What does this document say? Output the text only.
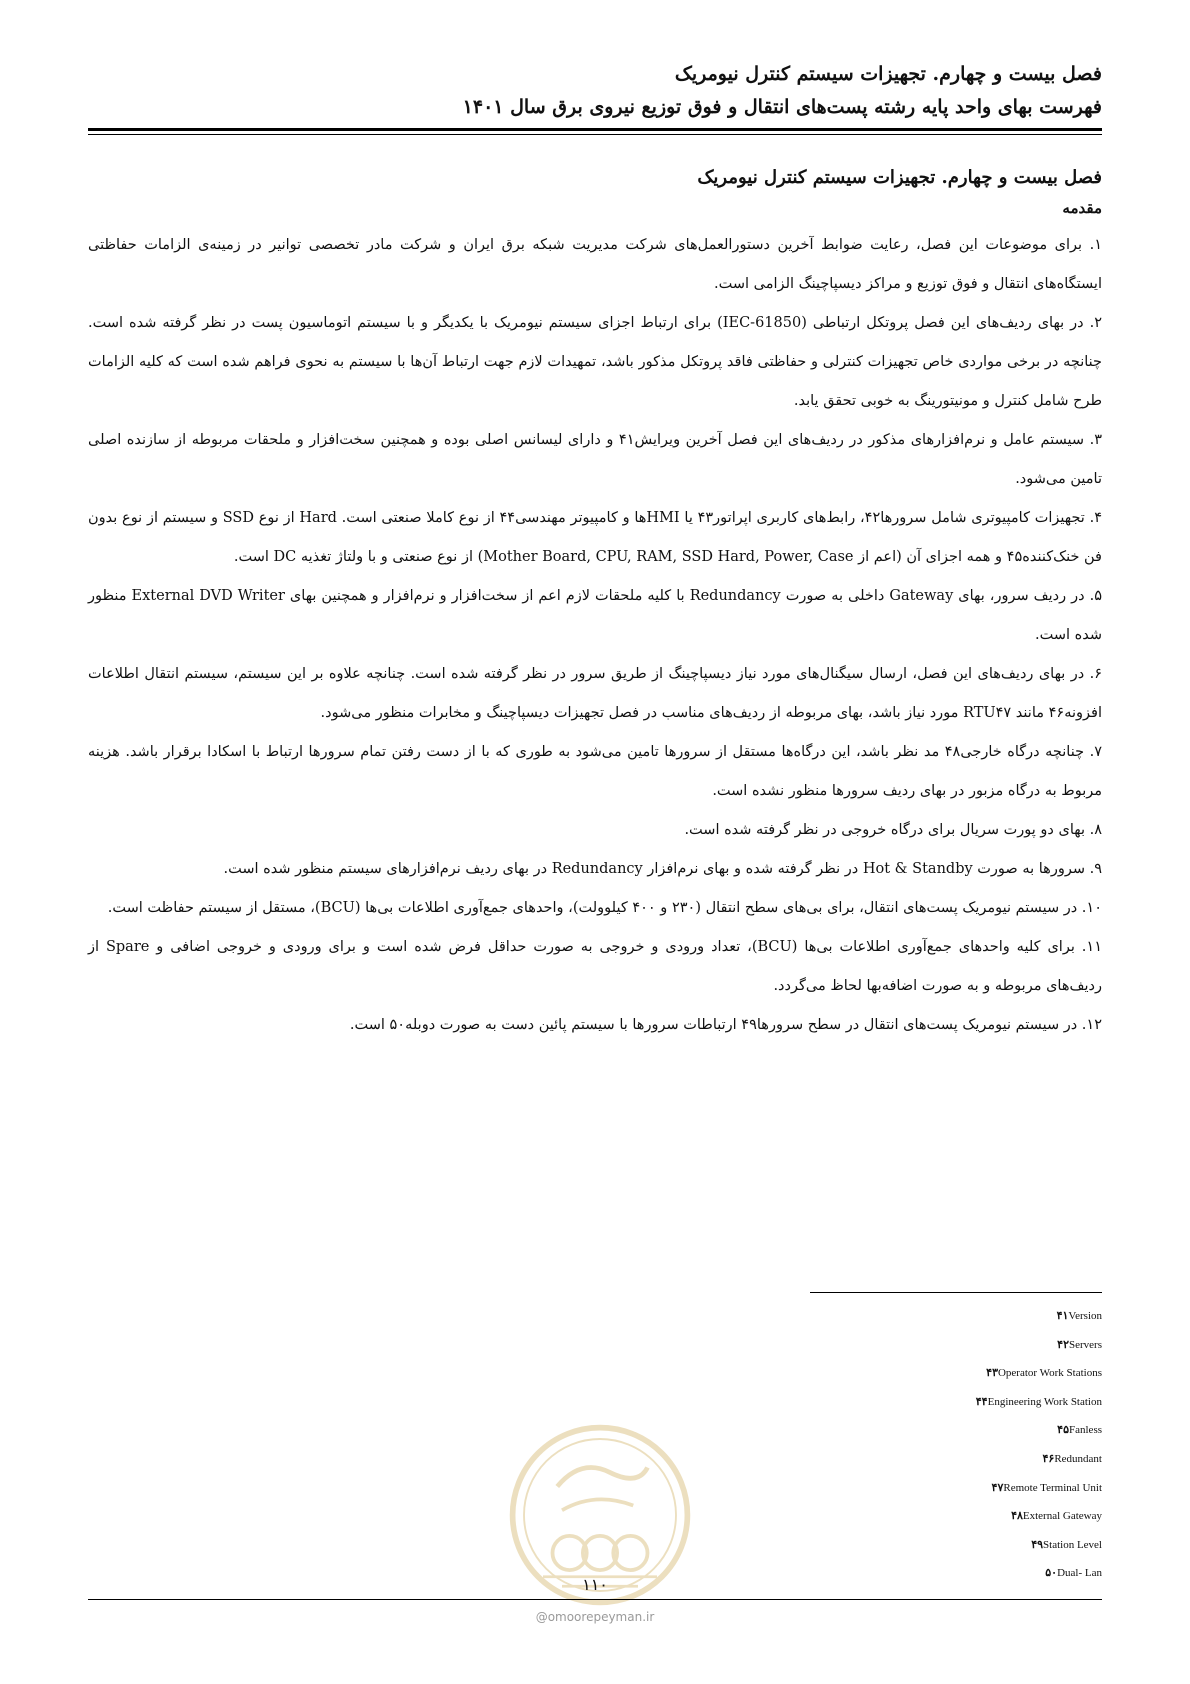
فصل بیست و چهارم. تجهیزات سیستم کنترل نیومریک
فهرست بهای واحد پایه رشته پست‌های انتقال و فوق توزیع نیروی برق سال ۱۴۰۱
فصل بیست و چهارم. تجهیزات سیستم کنترل نیومریک
مقدمه

۱. برای موضوعات این فصل، رعایت ضوابط آخرین دستورالعمل‌های شرکت مدیریت شبکه برق ایران و شرکت مادر تخصصی توانیر در زمینه‌ی الزامات حفاظتی ایستگاه‌های انتقال و فوق توزیع و مراکز دیسپاچینگ الزامی است.

۲. در بهای ردیف‌های این فصل پروتکل ارتباطی (IEC-61850) برای ارتباط اجزای سیستم نیومریک با یکدیگر و با سیستم اتوماسیون پست در نظر گرفته شده است. چنانچه در برخی مواردی خاص تجهیزات کنترلی و حفاظتی فاقد پروتکل مذکور باشد، تمهیدات لازم جهت ارتباط آن‌ها با سیستم به نحوی فراهم شده است که کلیه الزامات طرح شامل کنترل و مونیتورینگ به خوبی تحقق یابد.

۳. سیستم عامل و نرم‌افزارهای مذکور در ردیف‌های این فصل آخرین ویرایش۴۱ و دارای لیسانس اصلی بوده و همچنین سخت‌افزار و ملحقات مربوطه از سازنده اصلی تامین می‌شود.

۴. تجهیزات کامپیوتری شامل سرورها۴۲، رابط‌های کاربری اپراتور۴۳ یا HMIها و کامپیوتر مهندسی۴۴ از نوع کاملا صنعتی است. Hard از نوع SSD و سیستم از نوع بدون فن خنک‌کننده۴۵ و همه اجزای آن (اعم از Mother Board, CPU, RAM, SSD Hard, Power, Case) از نوع صنعتی و با ولتاژ تغذیه DC است.

۵. در ردیف سرور، بهای Gateway داخلی به صورت Redundancy با کلیه ملحقات لازم اعم از سخت‌افزار و نرم‌افزار و همچنین بهای External DVD Writer منظور شده است.

۶. در بهای ردیف‌های این فصل، ارسال سیگنال‌های مورد نیاز دیسپاچینگ از طریق سرور در نظر گرفته شده است. چنانچه علاوه بر این سیستم، سیستم انتقال اطلاعات افزونه۴۶ مانند RTU۴۷ مورد نیاز باشد، بهای مربوطه از ردیف‌های مناسب در فصل تجهیزات دیسپاچینگ و مخابرات منظور می‌شود.

۷. چنانچه درگاه خارجی۴۸ مد نظر باشد، این درگاه‌ها مستقل از سرورها تامین می‌شود به طوری که با از دست رفتن تمام سرورها ارتباط با اسکادا برقرار باشد. هزینه مربوط به درگاه مزبور در بهای ردیف سرورها منظور نشده است.

۸. بهای دو پورت سریال برای درگاه خروجی در نظر گرفته شده است.

۹. سرورها به صورت Hot & Standby در نظر گرفته شده و بهای نرم‌افزار Redundancy در بهای ردیف نرم‌افزارهای سیستم منظور شده است.

۱۰. در سیستم نیومریک پست‌های انتقال، برای بی‌های سطح انتقال (۲۳۰ و ۴۰۰ کیلوولت)، واحدهای جمع‌آوری اطلاعات بی‌ها (BCU)، مستقل از سیستم حفاظت است.

۱۱. برای کلیه واحدهای جمع‌آوری اطلاعات بی‌ها (BCU)، تعداد ورودی و خروجی به صورت حداقل فرض شده است و برای ورودی و خروجی اضافی و Spare از ردیف‌های مربوطه و به صورت اضافه‌بها لحاظ می‌گردد.

۱۲. در سیستم نیومریک پست‌های انتقال در سطح سرورها۴۹ ارتباطات سرورها با سیستم پائین دست به صورت دوبله۵۰ است.

۴۱Version
۴۲Servers
۴۳Operator Work Stations
۴۴Engineering Work Station
۴۵Fanless
۴۶Redundant
۴۷Remote Terminal Unit
۴۸External Gateway
۴۹Station Level
۵۰Dual- Lan
۱۱۰
@omoorepeyman.ir
